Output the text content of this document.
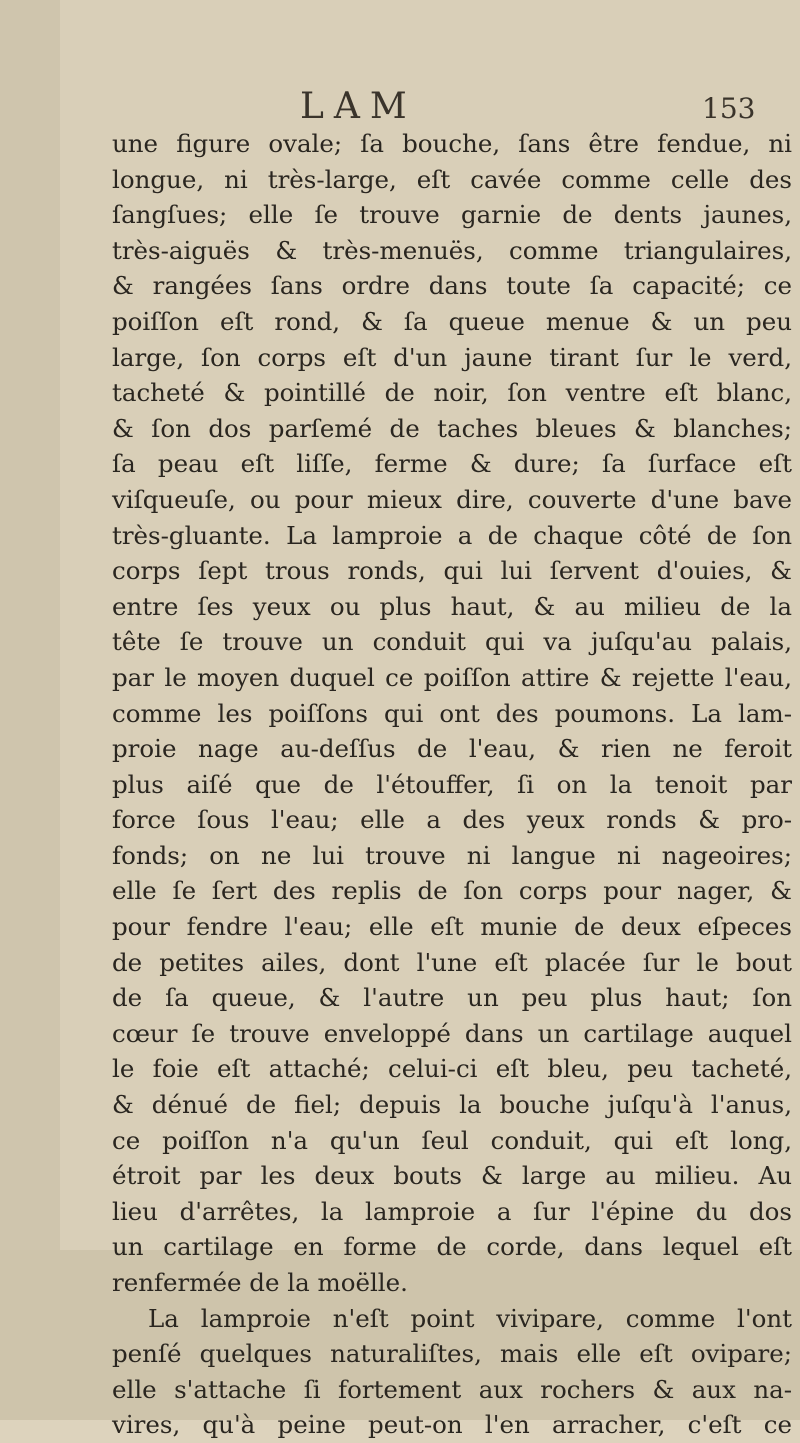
LAM	153
une figure ovale; ſa bouche, ſans être fendue, ni
longue, ni très-large, eſt cavée comme celle des
ſangſues; elle ſe trouve garnie de dents jaunes,
très-aiguës & très-menuës, comme triangulaires,
& rangées ſans ordre dans toute ſa capacité; ce
poiſſon eſt rond, & ſa queue menue & un peu
large, ſon corps eſt d'un jaune tirant ſur le verd,
tacheté & pointillé de noir, ſon ventre eſt blanc,
& ſon dos parſemé de taches bleues & blanches;
ſa peau eſt liſſe, ferme & dure; ſa ſurface eſt
viſqueuſe, ou pour mieux dire, couverte d'une bave
très-gluante. La lamproie a de chaque côté de ſon
corps ſept trous ronds, qui lui ſervent d'ouies, &
entre ſes yeux ou plus haut, & au milieu de la
tête ſe trouve un conduit qui va juſqu'au palais,
par le moyen duquel ce poiſſon attire & rejette l'eau,
comme les poiſſons qui ont des poumons. La lam-
proie nage au-deſſus de l'eau, & rien ne feroit
plus aiſé que de l'étouffer, ſi on la tenoit par
force ſous l'eau; elle a des yeux ronds & pro-
fonds; on ne lui trouve ni langue ni nageoires;
elle ſe ſert des replis de ſon corps pour nager, &
pour fendre l'eau; elle eſt munie de deux eſpeces
de petites ailes, dont l'une eſt placée ſur le bout
de ſa queue, & l'autre un peu plus haut; ſon
cœur ſe trouve enveloppé dans un cartilage auquel
le foie eſt attaché; celui-ci eſt bleu, peu tacheté,
& dénué de fiel; depuis la bouche juſqu'à l'anus,
ce poiſſon n'a qu'un ſeul conduit, qui eſt long,
étroit par les deux bouts & large au milieu. Au
lieu d'arrêtes, la lamproie a ſur l'épine du dos
un cartilage en forme de corde, dans lequel eſt
renfermée de la moëlle.
La lamproie n'eſt point vivipare, comme l'ont
penſé quelques naturaliſtes, mais elle eſt ovipare;
elle s'attache ſi fortement aux rochers & aux na-
vires, qu'à peine peut-on l'en arracher, c'eſt ce
